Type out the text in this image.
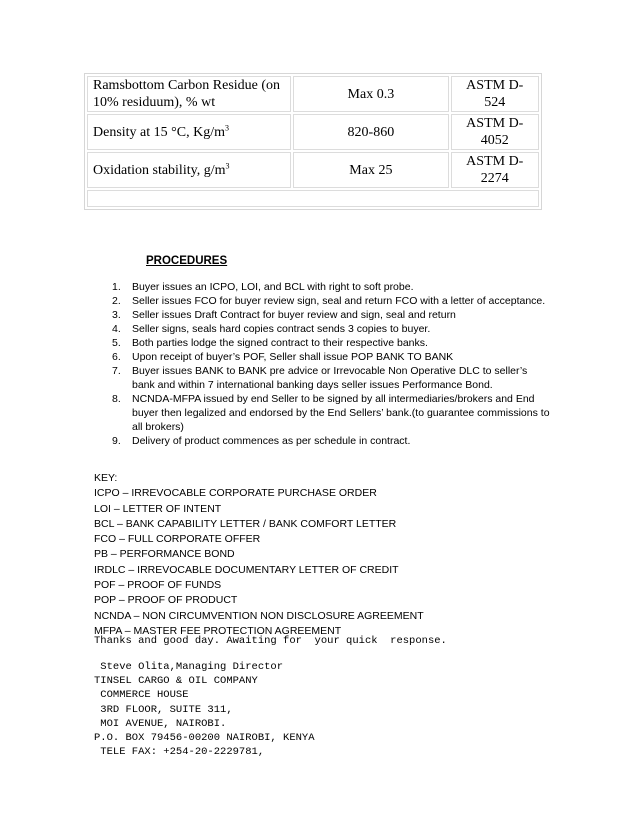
Ramsbottom Carbon Residue (on 10% residuum), % wt	Max 0.3	ASTM D-524
Density at 15 °C, $Kg/m^3$	820-860	ASTM D-4052
Oxidation stability, $g/m^3$	Max 25	ASTM D-2274

PROCEDURES

1. Buyer issues an ICPO, LOI, and BCL with right to soft probe.
2. Seller issues FCO for buyer review sign, seal and return FCO with a letter of acceptance.
3. Seller issues Draft Contract for buyer review and sign, seal and return
4. Seller signs, seals hard copies contract sends 3 copies to buyer.
5. Both parties lodge the signed contract to their respective banks.
6. Upon receipt of buyer’s POF, Seller shall issue POP BANK TO BANK
7. Buyer issues BANK to BANK pre advice or Irrevocable Non Operative DLC to seller’s bank and within 7 international banking days seller issues Performance Bond.
8. NCNDA-MFPA issued by end Seller to be signed by all intermediaries/brokers and End buyer then legalized and endorsed by the End Sellers’ bank.(to guarantee commissions to all brokers)
9. Delivery of product commences as per schedule in contract.
KEY:
ICPO – IRREVOCABLE CORPORATE PURCHASE ORDER
LOI – LETTER OF INTENT
BCL – BANK CAPABILITY LETTER / BANK COMFORT LETTER
FCO – FULL CORPORATE OFFER
PB – PERFORMANCE BOND
IRDLC – IRREVOCABLE DOCUMENTARY LETTER OF CREDIT
POF – PROOF OF FUNDS
POP – PROOF OF PRODUCT
NCNDA – NON CIRCUMVENTION NON DISCLOSURE AGREEMENT
MFPA – MASTER FEE PROTECTION AGREEMENT

Thanks and good day. Awaiting for  your quick  response.

Steve Olita,Managing Director
TINSEL CARGO & OIL COMPANY
COMMERCE HOUSE
3RD FLOOR, SUITE 311,
MOI AVENUE, NAIROBI.
P.O. BOX 79456-00200 NAIROBI, KENYA
TELE FAX: +254-20-2229781,
